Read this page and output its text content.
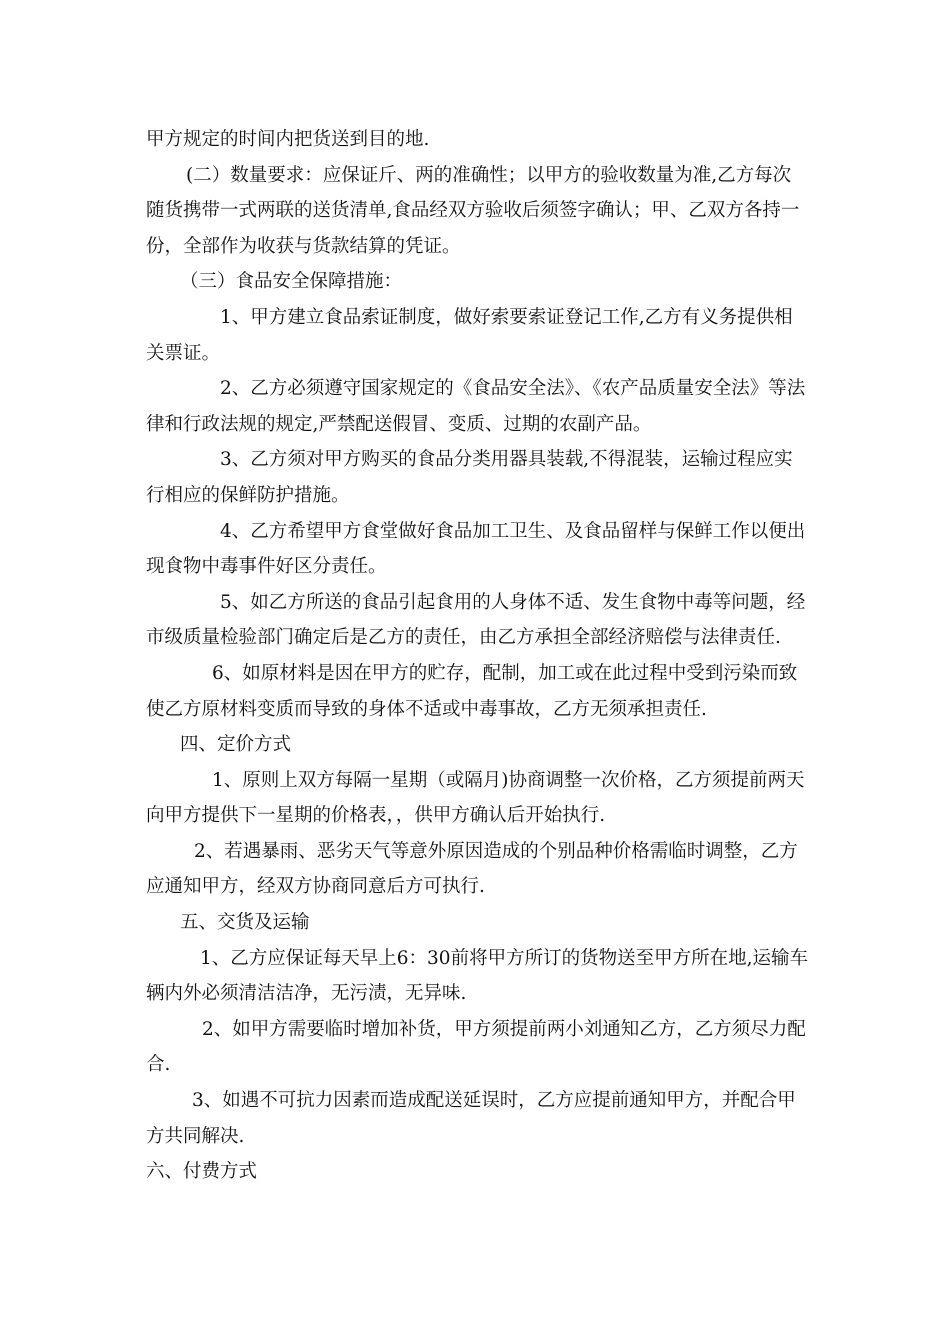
甲方规定的时间内把货送到目的地.

(二）数量要求：应保证斤、两的准确性；以甲方的验收数量为准,乙方每次随货携带一式两联的送货清单,食品经双方验收后须签字确认；甲、乙双方各持一份，全部作为收获与货款结算的凭证。

（三）食品安全保障措施：

1、甲方建立食品索证制度，做好索要索证登记工作,乙方有义务提供相关票证。

2、乙方必须遵守国家规定的《食品安全法》、《农产品质量安全法》等法律和行政法规的规定,严禁配送假冒、变质、过期的农副产品。

3、乙方须对甲方购买的食品分类用器具装载,不得混装，运输过程应实行相应的保鲜防护措施。

4、乙方希望甲方食堂做好食品加工卫生、及食品留样与保鲜工作以便出现食物中毒事件好区分责任。

5、如乙方所送的食品引起食用的人身体不适、发生食物中毒等问题，经市级质量检验部门确定后是乙方的责任，由乙方承担全部经济赔偿与法律责任.

6、如原材料是因在甲方的贮存，配制，加工或在此过程中受到污染而致使乙方原材料变质而导致的身体不适或中毒事故，乙方无须承担责任.

四、定价方式

1、原则上双方每隔一星期（或隔月)协商调整一次价格，乙方须提前两天向甲方提供下一星期的价格表，，供甲方确认后开始执行.

2、若遇暴雨、恶劣天气等意外原因造成的个别品种价格需临时调整，乙方应通知甲方，经双方协商同意后方可执行.

五、交货及运输

1、乙方应保证每天早上6：30前将甲方所订的货物送至甲方所在地,运输车辆内外必须清洁洁净，无污渍，无异味.

2、如甲方需要临时增加补货，甲方须提前两小刘通知乙方，乙方须尽力配合.

3、如遇不可抗力因素而造成配送延误时，乙方应提前通知甲方，并配合甲方共同解决.

六、付费方式
